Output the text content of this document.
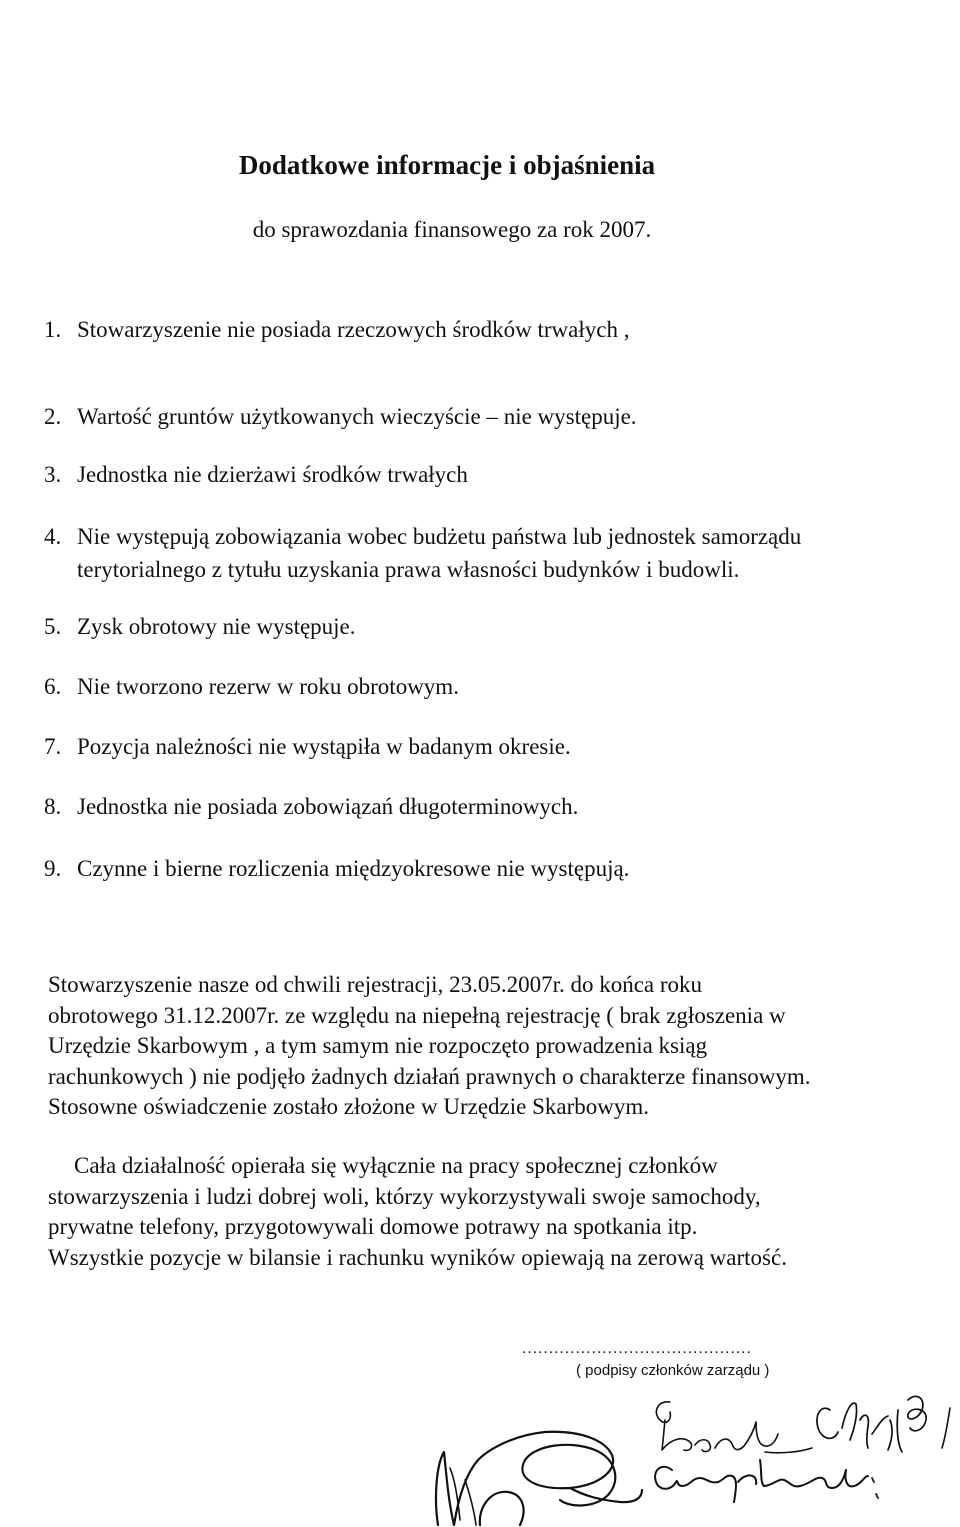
Dodatkowe informacje i objaśnienia
do sprawozdania finansowego za rok 2007.
1. Stowarzyszenie nie posiada rzeczowych środków trwałych ,
2. Wartość gruntów użytkowanych wieczyście – nie występuje.
3. Jednostka nie dzierżawi środków trwałych
4. Nie występują zobowiązania wobec budżetu państwa lub jednostek samorządu
terytorialnego z tytułu uzyskania prawa własności budynków i budowli.
5. Zysk obrotowy nie występuje.
6. Nie tworzono rezerw w roku obrotowym.
7. Pozycja należności nie wystąpiła w badanym okresie.
8. Jednostka nie posiada zobowiązań długoterminowych.
9. Czynne i bierne rozliczenia międzyokresowe nie występują.
Stowarzyszenie nasze od chwili rejestracji, 23.05.2007r. do końca roku
obrotowego 31.12.2007r. ze względu na niepełną rejestrację ( brak zgłoszenia w
Urzędzie Skarbowym , a tym samym nie rozpoczęto prowadzenia ksiąg
rachunkowych ) nie podjęło żadnych działań prawnych o charakterze finansowym.
Stosowne oświadczenie zostało złożone w Urzędzie Skarbowym.
Cała działalność opierała się wyłącznie na pracy społecznej członków
stowarzyszenia i ludzi dobrej woli, którzy wykorzystywali swoje samochody,
prywatne telefony, przygotowywali domowe potrawy na spotkania itp.
Wszystkie pozycje w bilansie i rachunku wyników opiewają na zerową wartość.
...........................................
( podpisy członków zarządu )
